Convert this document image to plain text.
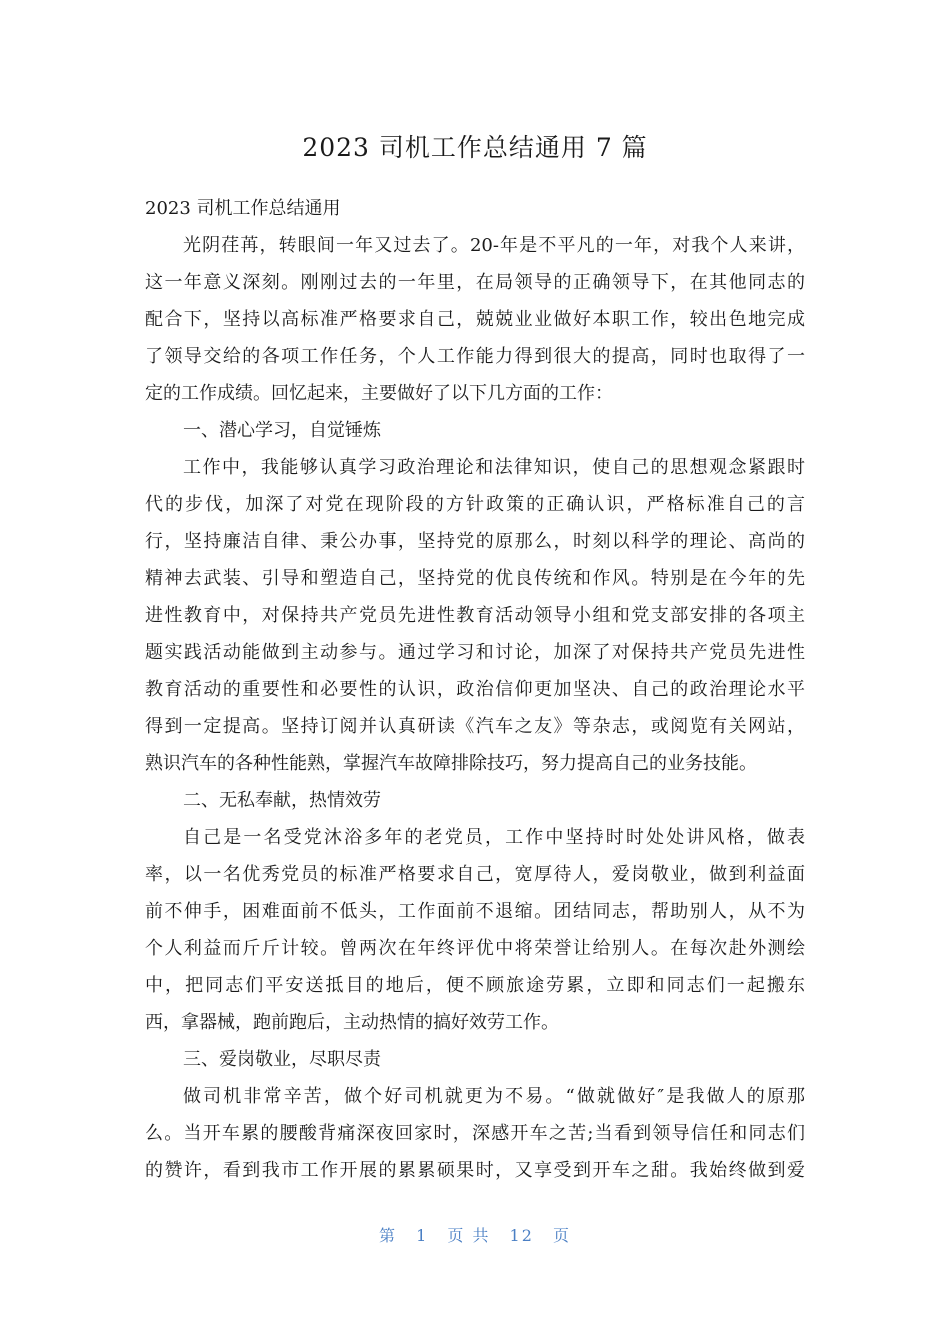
2023 司机工作总结通用 7 篇
2023 司机工作总结通用
光阴荏苒，转眼间一年又过去了。20-年是不平凡的一年，对我个人来讲，
这一年意义深刻。刚刚过去的一年里，在局领导的正确领导下，在其他同志的
配合下，坚持以高标准严格要求自己，兢兢业业做好本职工作，较出色地完成
了领导交给的各项工作任务，个人工作能力得到很大的提高，同时也取得了一
定的工作成绩。回忆起来，主要做好了以下几方面的工作：
一、潜心学习，自觉锤炼
工作中，我能够认真学习政治理论和法律知识，使自己的思想观念紧跟时
代的步伐，加深了对党在现阶段的方针政策的正确认识，严格标准自己的言
行，坚持廉洁自律、秉公办事，坚持党的原那么，时刻以科学的理论、高尚的
精神去武装、引导和塑造自己，坚持党的优良传统和作风。特别是在今年的先
进性教育中，对保持共产党员先进性教育活动领导小组和党支部安排的各项主
题实践活动能做到主动参与。通过学习和讨论，加深了对保持共产党员先进性
教育活动的重要性和必要性的认识，政治信仰更加坚决、自己的政治理论水平
得到一定提高。坚持订阅并认真研读《汽车之友》等杂志，或阅览有关网站，
熟识汽车的各种性能熟，掌握汽车故障排除技巧，努力提高自己的业务技能。
二、无私奉献，热情效劳
自己是一名受党沐浴多年的老党员，工作中坚持时时处处讲风格，做表
率，以一名优秀党员的标准严格要求自己，宽厚待人，爱岗敬业，做到利益面
前不伸手，困难面前不低头，工作面前不退缩。团结同志，帮助别人，从不为
个人利益而斤斤计较。曾两次在年终评优中将荣誉让给别人。在每次赴外测绘
中，把同志们平安送抵目的地后，便不顾旅途劳累，立即和同志们一起搬东
西，拿器械，跑前跑后，主动热情的搞好效劳工作。
三、爱岗敬业，尽职尽责
做司机非常辛苦，做个好司机就更为不易。“做就做好″是我做人的原那
么。当开车累的腰酸背痛深夜回家时，深感开车之苦;当看到领导信任和同志们
的赞许，看到我市工作开展的累累硕果时，又享受到开车之甜。我始终做到爱
第 1 页 共 12 页
